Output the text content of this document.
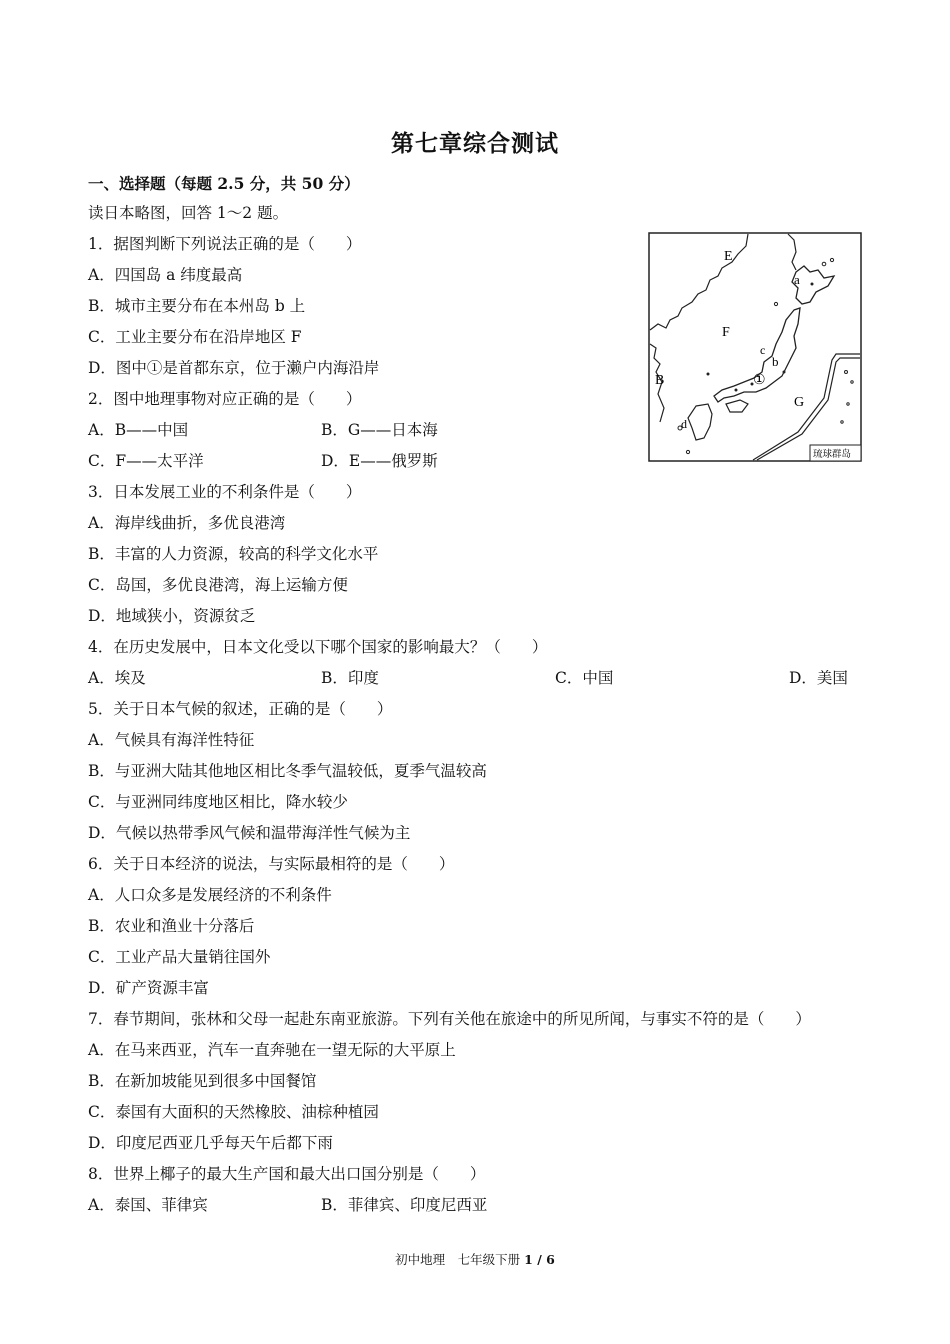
第七章综合测试
一、选择题（每题 2.5 分，共 50 分）
读日本略图，回答 1～2 题。
1．据图判断下列说法正确的是（　　）
A．四国岛 a 纬度最高
B．城市主要分布在本州岛 b 上
C．工业主要分布在沿岸地区 F
D．图中①是首都东京，位于濑户内海沿岸
2．图中地理事物对应正确的是（　　）
A．B——中国	B．G——日本海
C．F——太平洋	D．E——俄罗斯
3．日本发展工业的不利条件是（　　）
A．海岸线曲折，多优良港湾
B．丰富的人力资源，较高的科学文化水平
C．岛国，多优良港湾，海上运输方便
D．地域狭小，资源贫乏
4．在历史发展中，日本文化受以下哪个国家的影响最大？（　　）
A．埃及	B．印度	C．中国	D．美国
5．关于日本气候的叙述，正确的是（　　）
A．气候具有海洋性特征
B．与亚洲大陆其他地区相比冬季气温较低，夏季气温较高
C．与亚洲同纬度地区相比，降水较少
D．气候以热带季风气候和温带海洋性气候为主
6．关于日本经济的说法，与实际最相符的是（　　）
A．人口众多是发展经济的不利条件
B．农业和渔业十分落后
C．工业产品大量销往国外
D．矿产资源丰富
7．春节期间，张林和父母一起赴东南亚旅游。下列有关他在旅途中的所见所闻，与事实不符的是（　　）
A．在马来西亚，汽车一直奔驰在一望无际的大平原上
B．在新加坡能见到很多中国餐馆
C．泰国有大面积的天然橡胶、油棕种植园
D．印度尼西亚几乎每天午后都下雨
8．世界上椰子的最大生产国和最大出口国分别是（　　）
A．泰国、菲律宾	B．菲律宾、印度尼西亚
E
F
B
G
a
b
c
d
①
琉球群岛
初中地理　七年级下册 1 / 6
